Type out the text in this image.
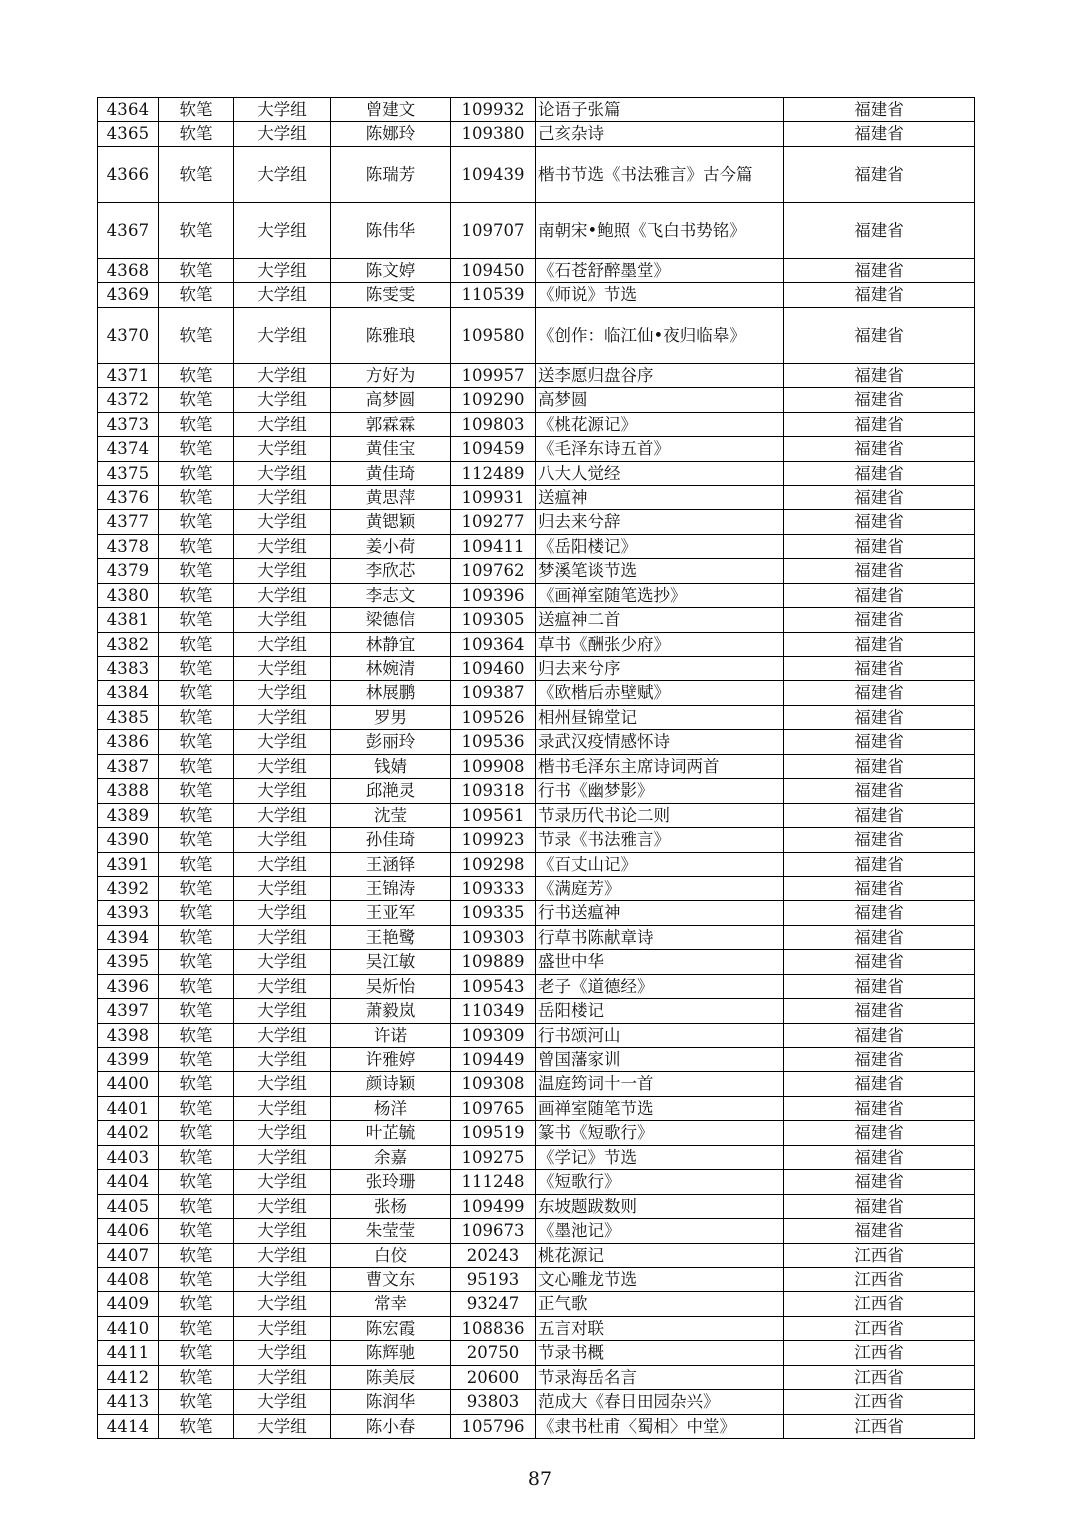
4364	软笔	大学组	曾建文	109932	论语子张篇	福建省
4365	软笔	大学组	陈娜玲	109380	己亥杂诗	福建省
4366	软笔	大学组	陈瑞芳	109439	楷书节选《书法雅言》古今篇	福建省
4367	软笔	大学组	陈伟华	109707	南朝宋•鲍照《飞白书势铭》	福建省
4368	软笔	大学组	陈文婷	109450	《石苍舒醉墨堂》	福建省
4369	软笔	大学组	陈雯雯	110539	《师说》节选	福建省
4370	软笔	大学组	陈雅琅	109580	《创作：临江仙•夜归临皋》	福建省
4371	软笔	大学组	方好为	109957	送李愿归盘谷序	福建省
4372	软笔	大学组	高梦圆	109290	高梦圆	福建省
4373	软笔	大学组	郭霖霖	109803	《桃花源记》	福建省
4374	软笔	大学组	黄佳宝	109459	《毛泽东诗五首》	福建省
4375	软笔	大学组	黄佳琦	112489	八大人觉经	福建省
4376	软笔	大学组	黄思萍	109931	送瘟神	福建省
4377	软笔	大学组	黄锶颖	109277	归去来兮辞	福建省
4378	软笔	大学组	姜小荷	109411	《岳阳楼记》	福建省
4379	软笔	大学组	李欣芯	109762	梦溪笔谈节选	福建省
4380	软笔	大学组	李志文	109396	《画禅室随笔选抄》	福建省
4381	软笔	大学组	梁德信	109305	送瘟神二首	福建省
4382	软笔	大学组	林静宜	109364	草书《酬张少府》	福建省
4383	软笔	大学组	林婉清	109460	归去来兮序	福建省
4384	软笔	大学组	林展鹏	109387	《欧楷后赤壁赋》	福建省
4385	软笔	大学组	罗男	109526	相州昼锦堂记	福建省
4386	软笔	大学组	彭丽玲	109536	录武汉疫情感怀诗	福建省
4387	软笔	大学组	钱婧	109908	楷书毛泽东主席诗词两首	福建省
4388	软笔	大学组	邱滟灵	109318	行书《幽梦影》	福建省
4389	软笔	大学组	沈莹	109561	节录历代书论二则	福建省
4390	软笔	大学组	孙佳琦	109923	节录《书法雅言》	福建省
4391	软笔	大学组	王涵铎	109298	《百丈山记》	福建省
4392	软笔	大学组	王锦涛	109333	《满庭芳》	福建省
4393	软笔	大学组	王亚军	109335	行书送瘟神	福建省
4394	软笔	大学组	王艳鹭	109303	行草书陈献章诗	福建省
4395	软笔	大学组	吴江敏	109889	盛世中华	福建省
4396	软笔	大学组	吴炘怡	109543	老子《道德经》	福建省
4397	软笔	大学组	萧毅岚	110349	岳阳楼记	福建省
4398	软笔	大学组	许诺	109309	行书颂河山	福建省
4399	软笔	大学组	许雅婷	109449	曾国藩家训	福建省
4400	软笔	大学组	颜诗颖	109308	温庭筠词十一首	福建省
4401	软笔	大学组	杨洋	109765	画禅室随笔节选	福建省
4402	软笔	大学组	叶芷毓	109519	篆书《短歌行》	福建省
4403	软笔	大学组	余嘉	109275	《学记》节选	福建省
4404	软笔	大学组	张玲珊	111248	《短歌行》	福建省
4405	软笔	大学组	张杨	109499	东坡题跋数则	福建省
4406	软笔	大学组	朱莹莹	109673	《墨池记》	福建省
4407	软笔	大学组	白佼	20243	桃花源记	江西省
4408	软笔	大学组	曹文东	95193	文心雕龙节选	江西省
4409	软笔	大学组	常幸	93247	正气歌	江西省
4410	软笔	大学组	陈宏霞	108836	五言对联	江西省
4411	软笔	大学组	陈辉驰	20750	节录书概	江西省
4412	软笔	大学组	陈美辰	20600	节录海岳名言	江西省
4413	软笔	大学组	陈润华	93803	范成大《春日田园杂兴》	江西省
4414	软笔	大学组	陈小春	105796	《隶书杜甫〈蜀相〉中堂》	江西省
87
